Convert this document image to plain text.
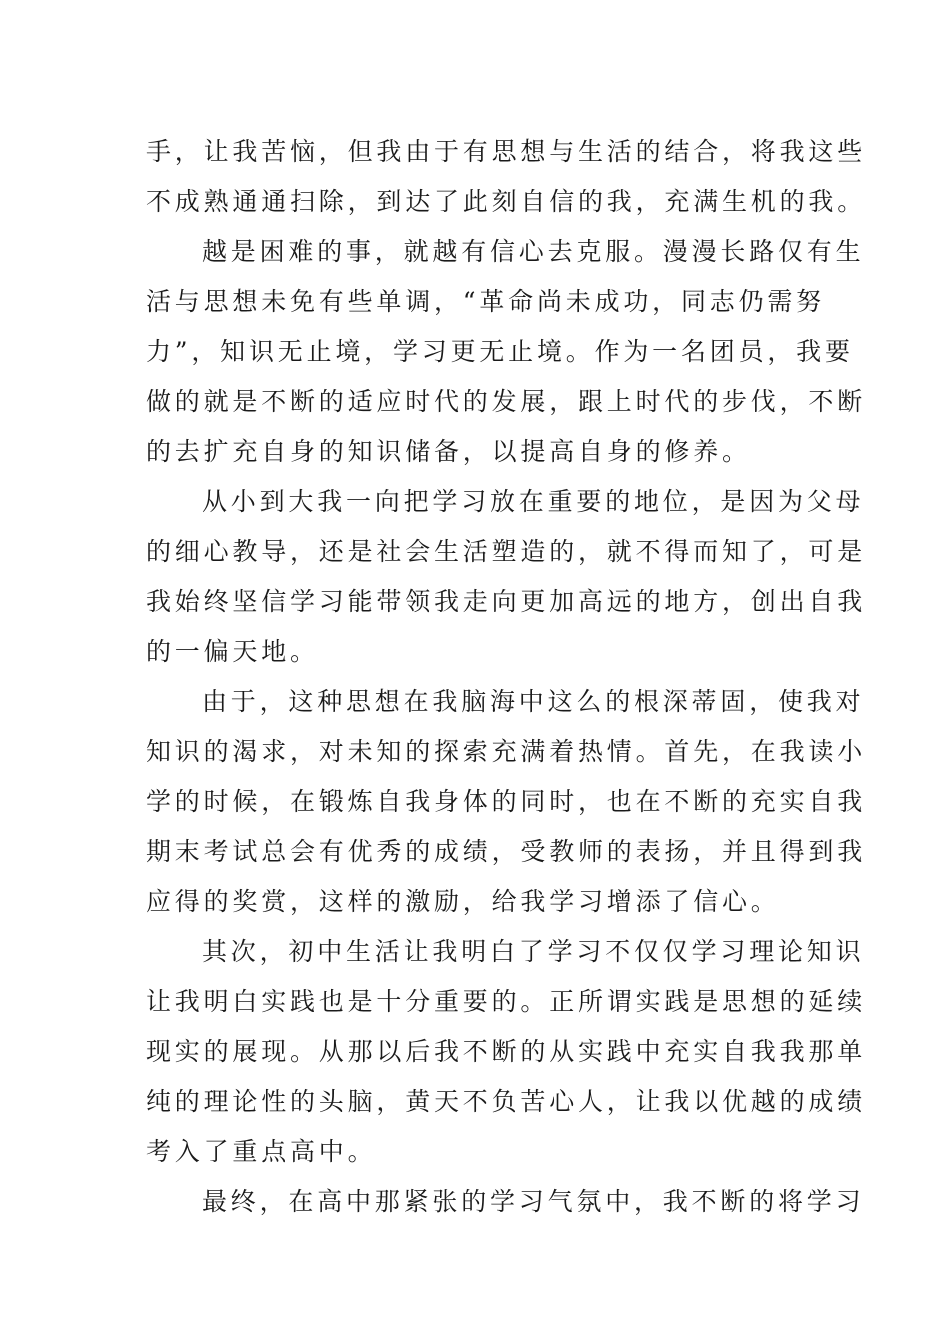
手，让我苦恼，但我由于有思想与生活的结合，将我这些
不成熟通通扫除，到达了此刻自信的我，充满生机的我。
越是困难的事，就越有信心去克服。漫漫长路仅有生
活与思想未免有些单调，“革命尚未成功，同志仍需努
力”，知识无止境，学习更无止境。作为一名团员，我要
做的就是不断的适应时代的发展，跟上时代的步伐，不断
的去扩充自身的知识储备，以提高自身的修养。
从小到大我一向把学习放在重要的地位，是因为父母
的细心教导，还是社会生活塑造的，就不得而知了，可是
我始终坚信学习能带领我走向更加高远的地方，创出自我
的一偏天地。
由于，这种思想在我脑海中这么的根深蒂固，使我对
知识的渴求，对未知的探索充满着热情。首先，在我读小
学的时候，在锻炼自我身体的同时，也在不断的充实自我
期末考试总会有优秀的成绩，受教师的表扬，并且得到我
应得的奖赏，这样的激励，给我学习增添了信心。
其次，初中生活让我明白了学习不仅仅学习理论知识
让我明白实践也是十分重要的。正所谓实践是思想的延续
现实的展现。从那以后我不断的从实践中充实自我我那单
纯的理论性的头脑，黄天不负苦心人，让我以优越的成绩
考入了重点高中。
最终，在高中那紧张的学习气氛中，我不断的将学习
